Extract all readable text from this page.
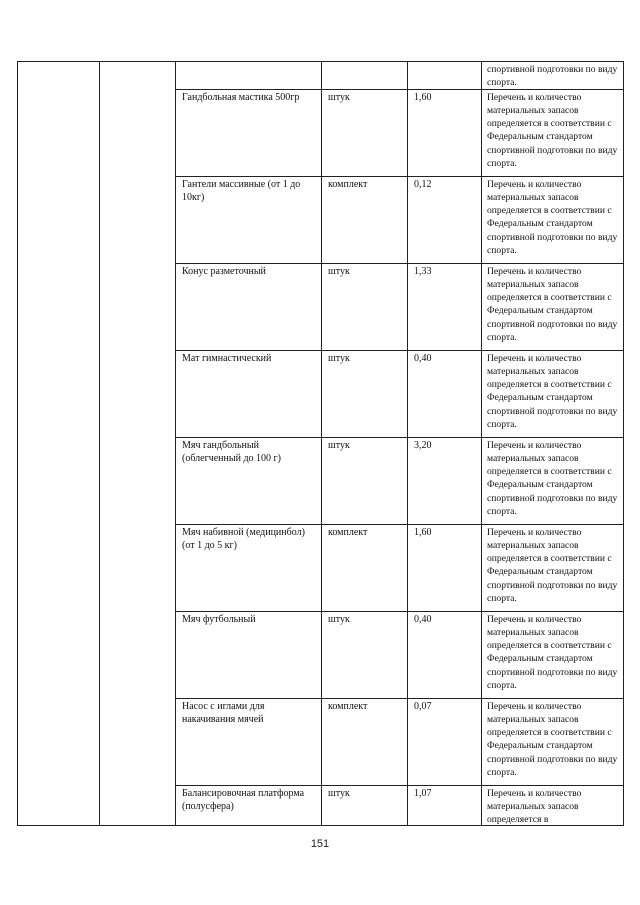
					спортивной подготовки по виду спорта.
		Гандбольная мастика 500гр	штук	1,60	Перечень и количество материальных запасов определяется в соответствии с Федеральным стандартом спортивной подготовки по виду спорта.
		Гантели массивные (от 1 до 10кг)	комплект	0,12	Перечень и количество материальных запасов определяется в соответствии с Федеральным стандартом спортивной подготовки по виду спорта.
		Конус разметочный	штук	1,33	Перечень и количество материальных запасов определяется в соответствии с Федеральным стандартом спортивной подготовки по виду спорта.
		Мат гимнастический	штук	0,40	Перечень и количество материальных запасов определяется в соответствии с Федеральным стандартом спортивной подготовки по виду спорта.
		Мяч гандбольный (облегченный до 100 г)	штук	3,20	Перечень и количество материальных запасов определяется в соответствии с Федеральным стандартом спортивной подготовки по виду спорта.
		Мяч набивной (медицинбол) (от 1 до 5 кг)	комплект	1,60	Перечень и количество материальных запасов определяется в соответствии с Федеральным стандартом спортивной подготовки по виду спорта.
		Мяч футбольный	штук	0,40	Перечень и количество материальных запасов определяется в соответствии с Федеральным стандартом спортивной подготовки по виду спорта.
		Насос с иглами для накачивания мячей	комплект	0,07	Перечень и количество материальных запасов определяется в соответствии с Федеральным стандартом спортивной подготовки по виду спорта.
		Балансировочная платформа (полусфера)	штук	1,07	Перечень и количество материальных запасов определяется в
151
